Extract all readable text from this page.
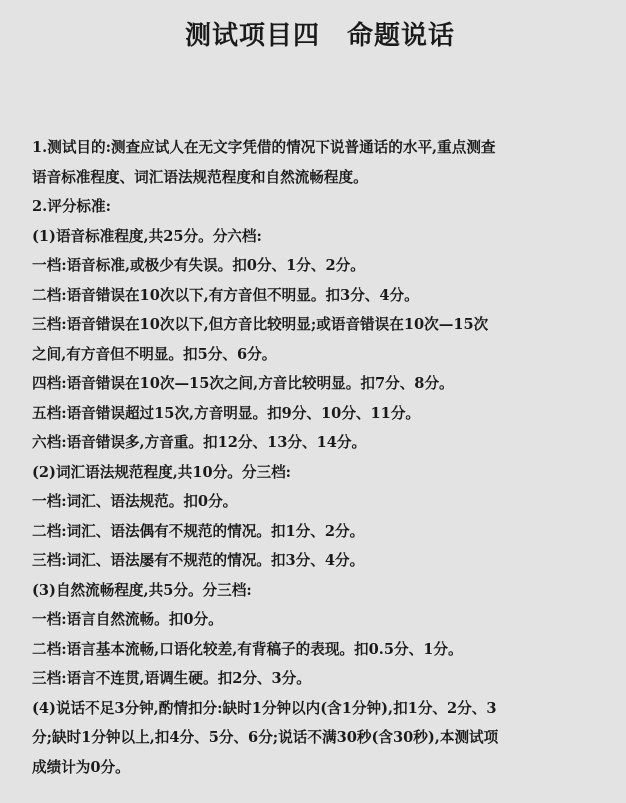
测试项目四　命题说话
1.测试目的:测查应试人在无文字凭借的情况下说普通话的水平,重点测查
语音标准程度、词汇语法规范程度和自然流畅程度。
2.评分标准:
(1)语音标准程度,共25分。分六档:
一档:语音标准,或极少有失误。扣0分、1分、2分。
二档:语音错误在10次以下,有方音但不明显。扣3分、4分。
三档:语音错误在10次以下,但方音比较明显;或语音错误在10次—15次
之间,有方音但不明显。扣5分、6分。
四档:语音错误在10次—15次之间,方音比较明显。扣7分、8分。
五档:语音错误超过15次,方音明显。扣9分、10分、11分。
六档:语音错误多,方音重。扣12分、13分、14分。
(2)词汇语法规范程度,共10分。分三档:
一档:词汇、语法规范。扣0分。
二档:词汇、语法偶有不规范的情况。扣1分、2分。
三档:词汇、语法屡有不规范的情况。扣3分、4分。
(3)自然流畅程度,共5分。分三档:
一档:语言自然流畅。扣0分。
二档:语言基本流畅,口语化较差,有背稿子的表现。扣0.5分、1分。
三档:语言不连贯,语调生硬。扣2分、3分。
(4)说话不足3分钟,酌情扣分:缺时1分钟以内(含1分钟),扣1分、2分、3
分;缺时1分钟以上,扣4分、5分、6分;说话不满30秒(含30秒),本测试项
成绩计为0分。
